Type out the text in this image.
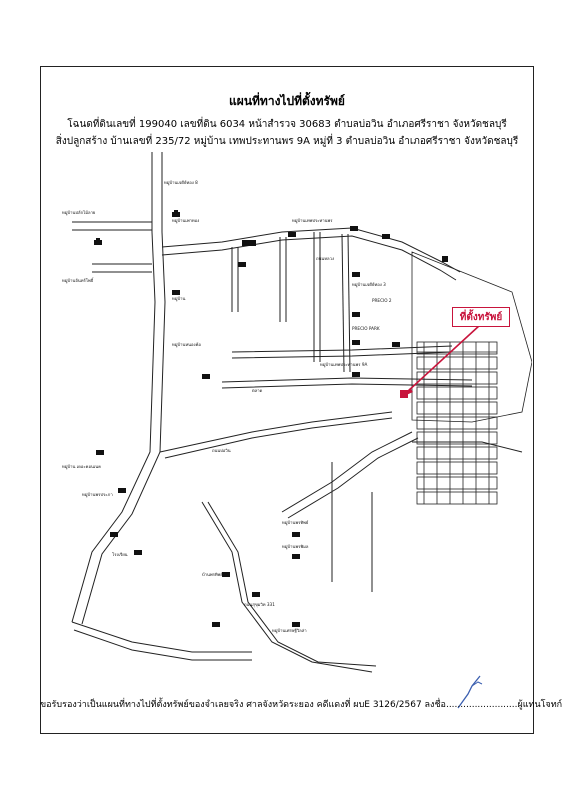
แผนที่ทางไปที่ตั้งทรัพย์
โฉนดที่ดินเลขที่ 199040 เลขที่ดิน 6034 หน้าสำรวจ 30683 ตำบลบ่อวิน อำเภอศรีราชา จังหวัดชลบุรี
สิ่งปลูกสร้าง บ้านเลขที่ 235/72 หมู่บ้าน เทพประทานพร 9A หมู่ที่ 3 ตำบลบ่อวิน อำเภอศรีราชา จังหวัดชลบุรี
หมู่บ้านเจดีย์ทอง 8
หมู่บ้านปลักไม้ลาย
หมู่บ้านเพาทอง
หมู่บ้านจันทร์โพธิ์
หมู่บ้าน
หมู่บ้านเทพประทานพร
ถนนหลวง
หมู่บ้านเจดีย์ทอง 3
PRECIO PARK
PRECIO 2
หมู่บ้านเทพประทานพร 9A
หมู่บ้านหนองค้อ
ตลาด
หมู่บ้าน เดอะคอนเนค
หมู่บ้านพรประภา
หมู่บ้านพรทิพย์
หมู่บ้านพรพิมล
ถนนบ่อวิน
บ้านพรทิพย์
ถนนสุขุมวิท 331
หมู่บ้านเศรษฐีวิลล่า
โรงเรียน
ที่ตั้งทรัพย์
ขอรับรองว่าเป็นแผนที่ทางไปที่ตั้งทรัพย์ของจำเลยจริง ศาลจังหวัดระยอง คดีแดงที่ ผบE 3126/2567 ลงชื่อ.........................ผู้แทนโจทก์
